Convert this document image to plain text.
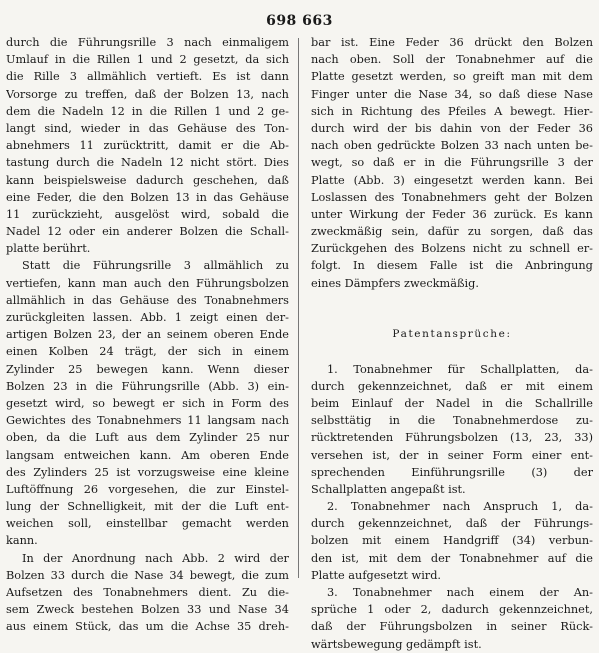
698 663
durch die Führungsrille 3 nach einmaligem
Umlauf in die Rillen 1 und 2 gesetzt, da sich
die Rille 3 allmählich vertieft. Es ist dann
Vorsorge zu treffen, daß der Bolzen 13, nach
dem die Nadeln 12 in die Rillen 1 und 2 ge-
langt sind, wieder in das Gehäuse des Ton-
abnehmers 11 zurücktritt, damit er die Ab-
tastung durch die Nadeln 12 nicht stört. Dies
kann beispielsweise dadurch geschehen, daß
eine Feder, die den Bolzen 13 in das Gehäuse
11 zurückzieht, ausgelöst wird, sobald die
Nadel 12 oder ein anderer Bolzen die Schall-
platte berührt.
Statt die Führungsrille 3 allmählich zu
vertiefen, kann man auch den Führungsbolzen
allmählich in das Gehäuse des Tonabnehmers
zurückgleiten lassen. Abb. 1 zeigt einen der-
artigen Bolzen 23, der an seinem oberen Ende
einen Kolben 24 trägt, der sich in einem
Zylinder 25 bewegen kann. Wenn dieser
Bolzen 23 in die Führungsrille (Abb. 3) ein-
gesetzt wird, so bewegt er sich in Form des
Gewichtes des Tonabnehmers 11 langsam nach
oben, da die Luft aus dem Zylinder 25 nur
langsam entweichen kann. Am oberen Ende
des Zylinders 25 ist vorzugsweise eine kleine
Luftöffnung 26 vorgesehen, die zur Einstel-
lung der Schnelligkeit, mit der die Luft ent-
weichen soll, einstellbar gemacht werden
kann.
In der Anordnung nach Abb. 2 wird der
Bolzen 33 durch die Nase 34 bewegt, die zum
Aufsetzen des Tonabnehmers dient. Zu die-
sem Zweck bestehen Bolzen 33 und Nase 34
aus einem Stück, das um die Achse 35 dreh-
bar ist. Eine Feder 36 drückt den Bolzen
nach oben. Soll der Tonabnehmer auf die
Platte gesetzt werden, so greift man mit dem
Finger unter die Nase 34, so daß diese Nase
sich in Richtung des Pfeiles A bewegt. Hier-
durch wird der bis dahin von der Feder 36
nach oben gedrückte Bolzen 33 nach unten be-
wegt, so daß er in die Führungsrille 3 der
Platte (Abb. 3) eingesetzt werden kann. Bei
Loslassen des Tonabnehmers geht der Bolzen
unter Wirkung der Feder 36 zurück. Es kann
zweckmäßig sein, dafür zu sorgen, daß das
Zurückgehen des Bolzens nicht zu schnell er-
folgt. In diesem Falle ist die Anbringung
eines Dämpfers zweckmäßig.
Patentansprüche:
1. Tonabnehmer für Schallplatten, da-
durch gekennzeichnet, daß er mit einem
beim Einlauf der Nadel in die Schallrille
selbsttätig in die Tonabnehmerdose zu-
rücktretenden Führungsbolzen (13, 23, 33)
versehen ist, der in seiner Form einer ent-
sprechenden Einführungsrille (3) der
Schallplatten angepaßt ist.
2. Tonabnehmer nach Anspruch 1, da-
durch gekennzeichnet, daß der Führungs-
bolzen mit einem Handgriff (34) verbun-
den ist, mit dem der Tonabnehmer auf die
Platte aufgesetzt wird.
3. Tonabnehmer nach einem der An-
sprüche 1 oder 2, dadurch gekennzeichnet,
daß der Führungsbolzen in seiner Rück-
wärtsbewegung gedämpft ist.
